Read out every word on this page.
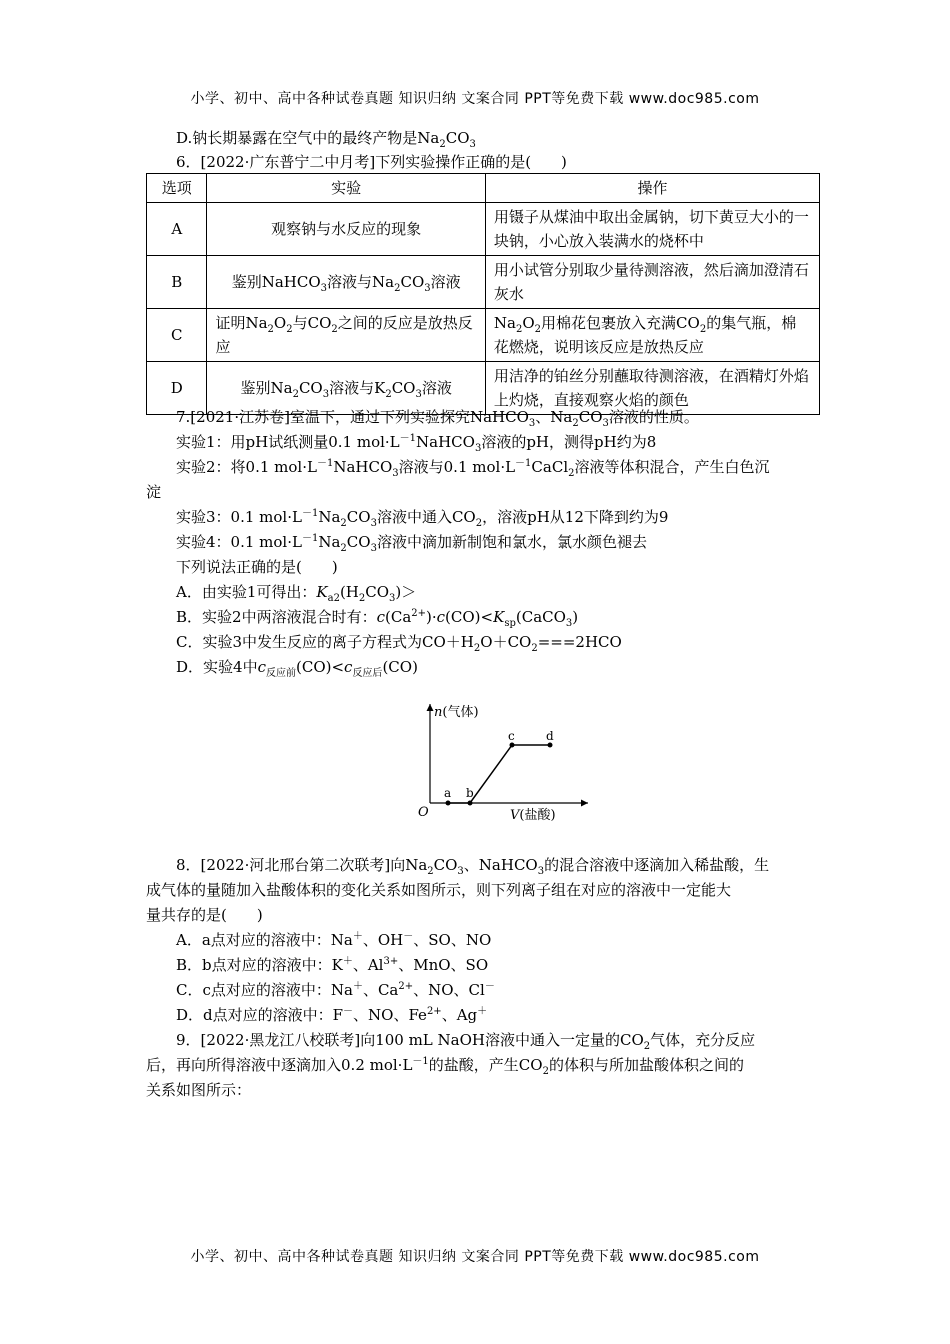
小学、初中、高中各种试卷真题 知识归纳 文案合同 PPT等免费下载 www.doc985.com
D.钠长期暴露在空气中的最终产物是$Na_2CO_3$
6．[2022·广东普宁二中月考]下列实验操作正确的是(　　)
选项	实验	操作
A	观察钠与水反应的现象	用镊子从煤油中取出金属钠，切下黄豆大小的一块钠，小心放入装满水的烧杯中
B	鉴别NaHCO$_3$溶液与$Na_2CO_3$溶液	用小试管分别取少量待测溶液，然后滴加澄清石灰水
C	证明$Na_2O_2$与$CO_2$之间的反应是放热反应	$Na_2O_2$用棉花包裹放入充满$CO_2$的集气瓶，棉花燃烧，说明该反应是放热反应
D	鉴别$Na_2CO_3$溶液与$K_2CO_3$溶液	用洁净的铂丝分别蘸取待测溶液，在酒精灯外焰上灼烧，直接观察火焰的颜色
7.[2021·江苏卷]室温下，通过下列实验探究NaHCO$_3$、$Na_2CO_3$溶液的性质。
实验1：用pH试纸测量0.1 $mol\cdot L^{-1}NaHCO_3$溶液的pH，测得pH约为8
实验2：将0.1 $mol\cdot L^{-1}NaHCO_3$溶液与0.1 $mol\cdot L^{-1}CaCl_2$溶液等体积混合，产生白色沉
淀
实验3：0.1 $mol\cdot L^{-1}Na_2CO_3$溶液中通入$CO_2$，溶液pH从12下降到约为9
实验4：0.1 $mol\cdot L^{-1}Na_2CO_3$溶液中滴加新制饱和氯水，氯水颜色褪去
下列说法正确的是(　　)
A．由实验1可得出：$K_{a2}(H_2CO_3)>$
B．实验2中两溶液混合时有：$c(Ca^{2+})\cdot c(CO)<K_{sp}(CaCO_3)$
C．实验3中发生反应的离子方程式为$CO+H_2O+CO_2===2HCO$
D．实验4中$c_{反应前}(CO)<c_{反应后}(CO)$
n(气体)
V(盐酸)
O
a b
c	d
8．[2022·河北邢台第二次联考]向$Na_2CO_3$、NaHCO$_3$的混合溶液中逐滴加入稀盐酸，生
成气体的量随加入盐酸体积的变化关系如图所示，则下列离子组在对应的溶液中一定能大
量共存的是(　　)
A．a点对应的溶液中：Na＋、OH－、SO、NO
B．b点对应的溶液中：K＋、$Al^{3+}$、MnO、SO
C．c点对应的溶液中：Na＋、$Ca^{2+}$、NO、Cl－
D．d点对应的溶液中：F－、NO、$Fe^{2+}$、Ag＋
9．[2022·黑龙江八校联考]向100 mL NaOH溶液中通入一定量的$CO_2$气体，充分反应
后，再向所得溶液中逐滴加入0.2 $mol\cdot L^{-1}$的盐酸，产生$CO_2$的体积与所加盐酸体积之间的
关系如图所示：
小学、初中、高中各种试卷真题 知识归纳 文案合同 PPT等免费下载 www.doc985.com
